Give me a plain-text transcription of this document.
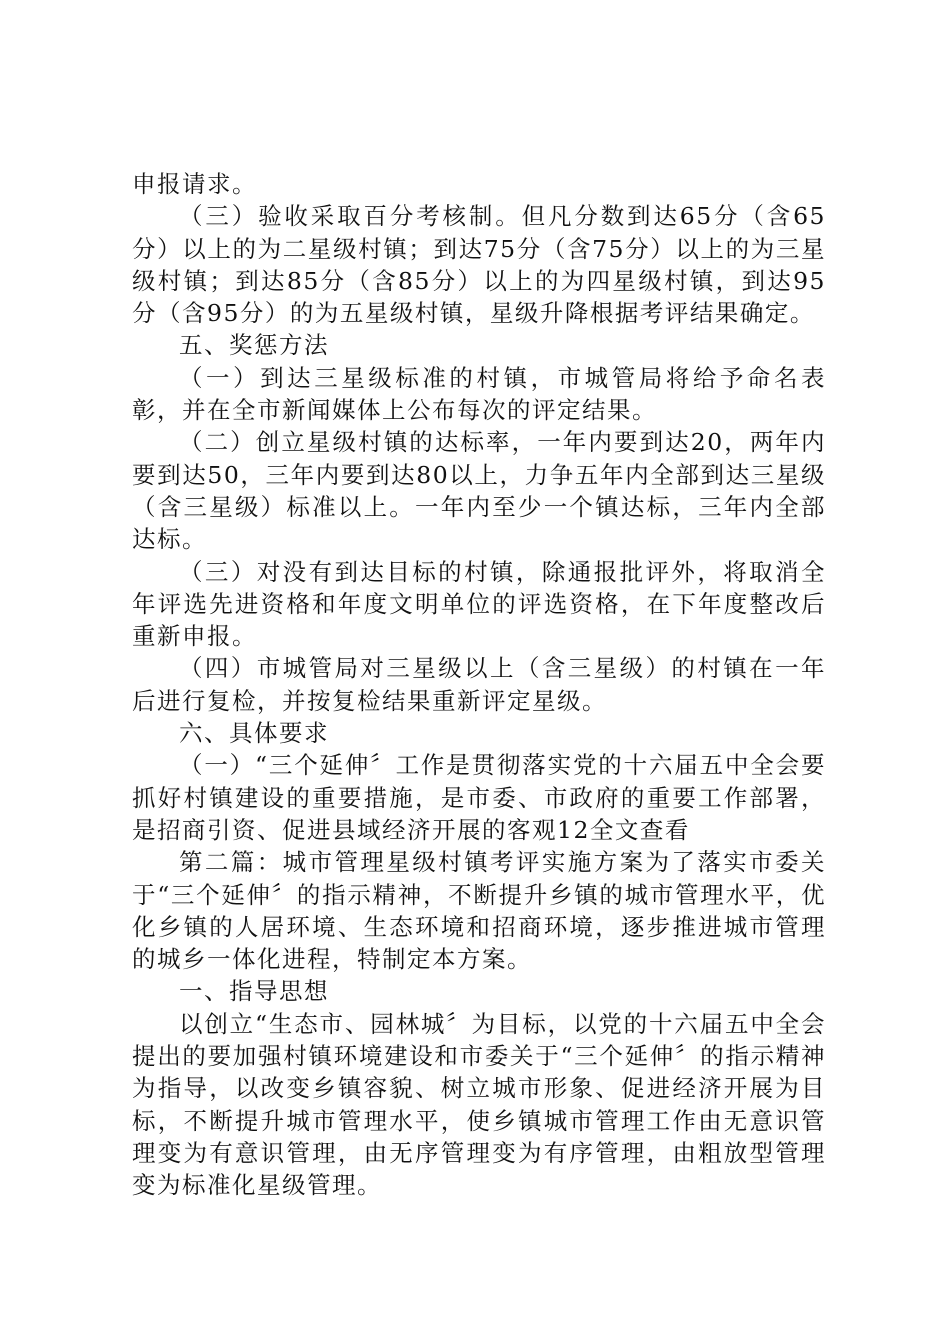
申报请求。

（三）验收采取百分考核制。但凡分数到达65分（含65分）以上的为二星级村镇；到达75分（含75分）以上的为三星级村镇；到达85分（含85分）以上的为四星级村镇，到达95分（含95分）的为五星级村镇，星级升降根据考评结果确定。

五、奖惩方法

（一）到达三星级标准的村镇，市城管局将给予命名表彰，并在全市新闻媒体上公布每次的评定结果。

（二）创立星级村镇的达标率，一年内要到达20，两年内要到达50，三年内要到达80以上，力争五年内全部到达三星级（含三星级）标准以上。一年内至少一个镇达标，三年内全部达标。

（三）对没有到达目标的村镇，除通报批评外，将取消全年评选先进资格和年度文明单位的评选资格，在下年度整改后重新申报。

（四）市城管局对三星级以上（含三星级）的村镇在一年后进行复检，并按复检结果重新评定星级。

六、具体要求

（一）“三个延伸〞工作是贯彻落实党的十六届五中全会要抓好村镇建设的重要措施，是市委、市政府的重要工作部署，是招商引资、促进县域经济开展的客观12全文查看

第二篇：城市管理星级村镇考评实施方案为了落实市委关于“三个延伸〞的指示精神，不断提升乡镇的城市管理水平，优化乡镇的人居环境、生态环境和招商环境，逐步推进城市管理的城乡一体化进程，特制定本方案。

一、指导思想

以创立“生态市、园林城〞为目标，以党的十六届五中全会提出的要加强村镇环境建设和市委关于“三个延伸〞的指示精神为指导，以改变乡镇容貌、树立城市形象、促进经济开展为目标，不断提升城市管理水平，使乡镇城市管理工作由无意识管理变为有意识管理，由无序管理变为有序管理，由粗放型管理变为标准化星级管理。
